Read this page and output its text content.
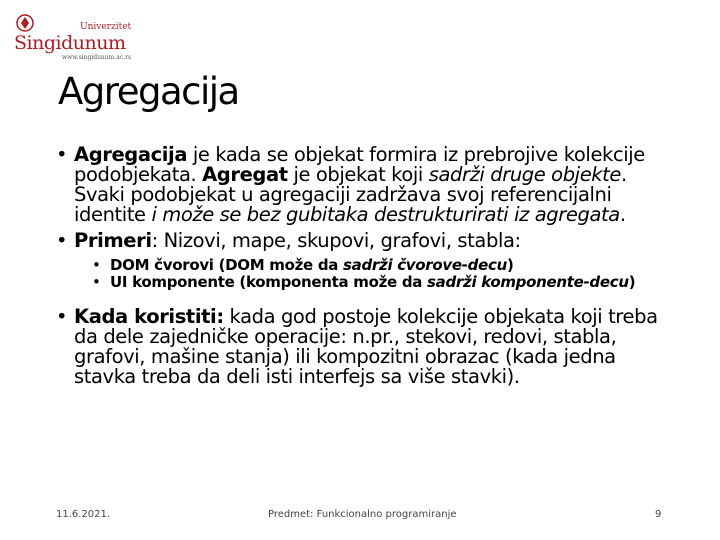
Univerzitet
Singidunum
www.singidunum.ac.rs
Agregacija
• Agregacija je kada se objekat formira iz prebrojive kolekcije podobjekata. Agregat je objekat koji sadrži druge objekte. Svaki podobjekat u agregaciji zadržava svoj referencijalni identite i može se bez gubitaka destrukturirati iz agregata.
• Primeri: Nizovi, mape, skupovi, grafovi, stabla:
• DOM čvorovi (DOM može da sadrži čvorove-decu)
• UI komponente (komponenta može da sadrži komponente-decu)
• Kada koristiti: kada god postoje kolekcije objekata koji treba da dele zajedničke operacije: n.pr., stekovi, redovi, stabla, grafovi, mašine stanja) ili kompozitni obrazac (kada jedna stavka treba da deli isti interfejs sa više stavki).
11.6.2021.	Predmet: Funkcionalno programiranje	9
